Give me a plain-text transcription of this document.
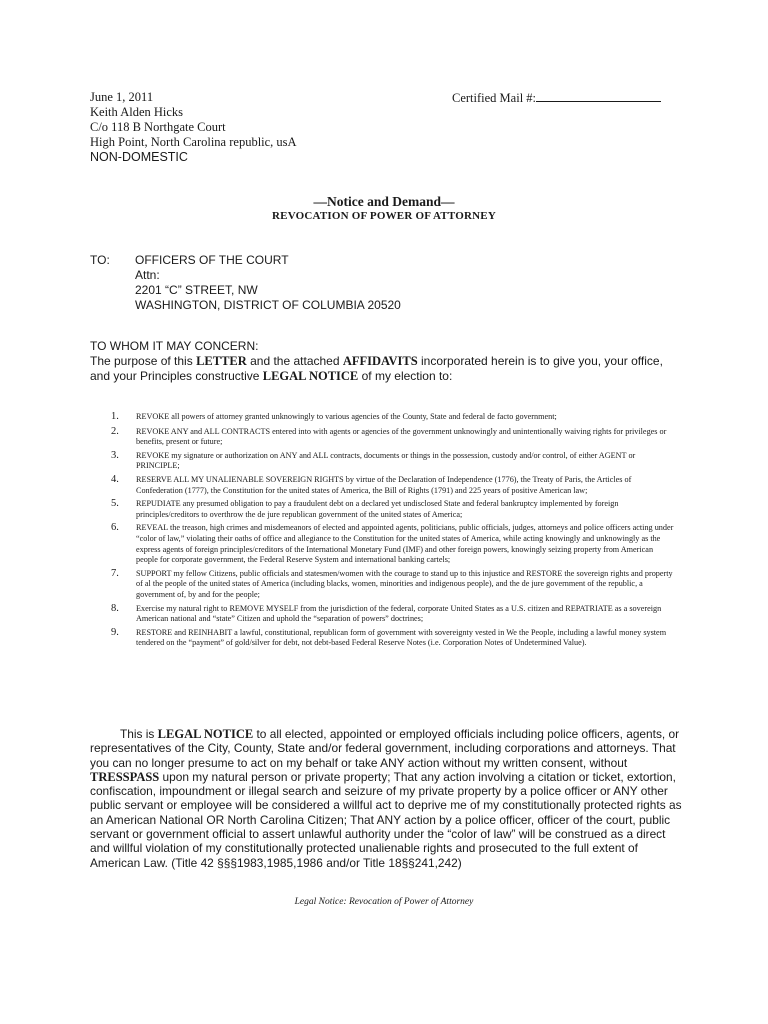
June 1, 2011
Keith Alden Hicks
C/o 118 B Northgate Court
High Point, North Carolina republic, usA
NON-DOMESTIC
Certified Mail #:
—Notice and Demand—
REVOCATION OF POWER OF ATTORNEY
TO: OFFICERS OF THE COURT
Attn:
2201 “C” STREET, NW
WASHINGTON, DISTRICT OF COLUMBIA 20520
TO WHOM IT MAY CONCERN:
The purpose of this LETTER and the attached AFFIDAVITS incorporated herein is to give you, your office, and your Principles constructive LEGAL NOTICE of my election to:
1.	REVOKE all powers of attorney granted unknowingly to various agencies of the County, State and federal de facto government;
2.	REVOKE ANY and ALL CONTRACTS entered into with agents or agencies of the government unknowingly and unintentionally waiving rights for privileges or benefits, present or future;
3.	REVOKE my signature or authorization on ANY and ALL contracts, documents or things in the possession, custody and/or control, of either AGENT or PRINCIPLE;
4.	RESERVE ALL MY UNALIENABLE SOVEREIGN RIGHTS by virtue of the Declaration of Independence (1776), the Treaty of Paris, the Articles of Confederation (1777), the Constitution for the united states of America, the Bill of Rights (1791) and 225 years of positive American law;
5.	REPUDIATE any presumed obligation to pay a fraudulent debt on a declared yet undisclosed State and federal bankruptcy implemented by foreign principles/creditors to overthrow the de jure republican government of the united states of America;
6.	REVEAL the treason, high crimes and misdemeanors of elected and appointed agents, politicians, public officials, judges, attorneys and police officers acting under “color of law,” violating their oaths of office and allegiance to the Constitution for the united states of America, while acting knowingly and unknowingly as the express agents of foreign principles/creditors of the International Monetary Fund (IMF) and other foreign powers, knowingly seizing property from American people for corporate government, the Federal Reserve System and international banking cartels;
7.	SUPPORT my fellow Citizens, public officials and statesmen/women with the courage to stand up to this injustice and RESTORE the sovereign rights and property of al the people of the united states of America (including blacks, women, minorities and indigenous people), and the de jure government of the republic, a government of, by and for the people;
8.	Exercise my natural right to REMOVE MYSELF from the jurisdiction of the federal, corporate United States as a U.S. citizen and REPATRIATE as a sovereign American national and “state” Citizen and uphold the “separation of powers” doctrines;
9.	RESTORE and REINHABIT a lawful, constitutional, republican form of government with sovereignty vested in We the People, including a lawful money system tendered on the “payment” of gold/silver for debt, not debt-based Federal Reserve Notes (i.e. Corporation Notes of Undetermined Value).
This is LEGAL NOTICE to all elected, appointed or employed officials including police officers, agents, or representatives of the City, County, State and/or federal government, including corporations and attorneys. That you can no longer presume to act on my behalf or take ANY action without my written consent, without TRESSPASS upon my natural person or private property; That any action involving a citation or ticket, extortion, confiscation, impoundment or illegal search and seizure of my private property by a police officer or ANY other public servant or employee will be considered a willful act to deprive me of my constitutionally protected rights as an American National OR North Carolina Citizen; That ANY action by a police officer, officer of the court, public servant or government official to assert unlawful authority under the “color of law” will be construed as a direct and willful violation of my constitutionally protected unalienable rights and prosecuted to the full extent of American Law. (Title 42 §§§1983,1985,1986 and/or Title 18§§241,242)
Legal Notice: Revocation of Power of Attorney
